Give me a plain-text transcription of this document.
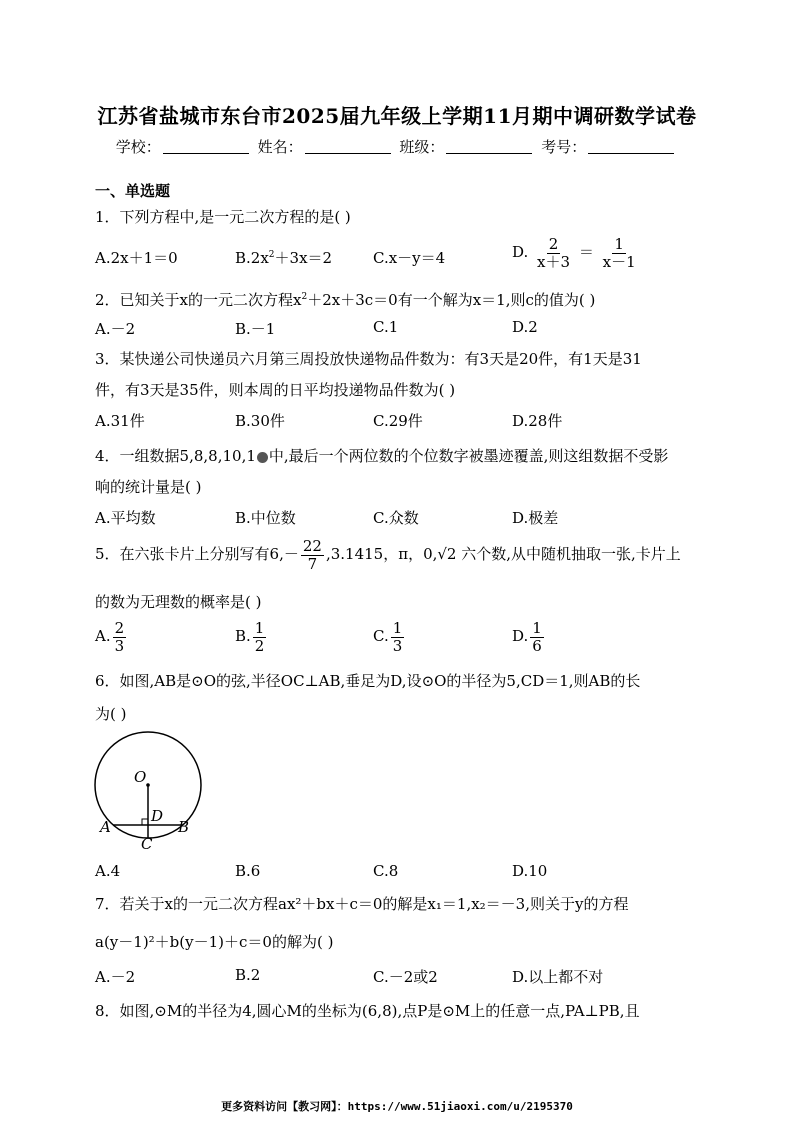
江苏省盐城市东台市2025届九年级上学期11月期中调研数学试卷
学校：	姓名：	班级：	考号：
一、单选题
1．下列方程中,是一元二次方程的是( )
A.2x＋1＝0	$B.2x^2+3x=2$	C.x－y＝4	D. $\frac{2}{x+3} = \frac{1}{x-1}$
2．已知关于x的一元二次方程$x^2+2x+3c=0$有一个解为x＝1,则c的值为( )
A.－2	B.－1	C.1	D.2
3．某快递公司快递员六月第三周投放快递物品件数为：有3天是20件，有1天是31
件，有3天是35件，则本周的日平均投递物品件数为( )
A.31件	B.30件	C.29件	D.28件
4．一组数据5,8,8,10,1 中,最后一个两位数的个位数字被墨迹覆盖,则这组数据不受影
响的统计量是( )
A.平均数	B.中位数	C.众数	D.极差
5．在六张卡片上分别写有$6,- \frac{22}{7} ,3.1415$，π，0,√2 六个数,从中随机抽取一张,卡片上
的数为无理数的概率是( )
A. $\frac{2}{3}$	B. $\frac{1}{2}$	C. $\frac{1}{3}$	D. $\frac{1}{6}$
6．如图,AB是⊙O的弦,半径OC⊥AB,垂足为D,设⊙O的半径为5,CD＝1,则AB的长
为( )
O
D
A	B
C
A.4	B.6	C.8	D.10
7．若关于x的一元二次方程ax²＋bx＋c＝0的解是x₁＝1,x₂＝－3,则关于y的方程
a(y－1)²＋b(y－1)＋c＝0的解为( )
A.－2	B.2	C.－2或2	D.以上都不对
8．如图,⊙M的半径为4,圆心M的坐标为(6,8),点P是⊙M上的任意一点,PA⊥PB,且
更多资料访问【教习网】：https://www.51jiaoxi.com/u/2195370
